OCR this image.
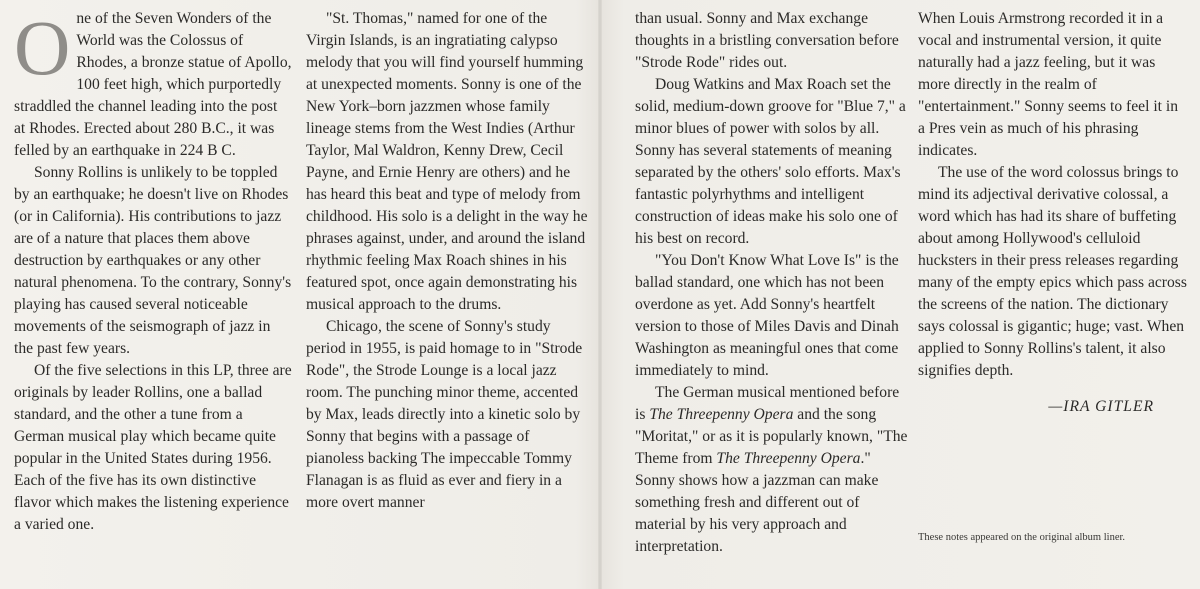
One of the Seven Wonders of the World was the Colossus of Rhodes, a bronze statue of Apollo, 100 feet high, which purportedly straddled the channel leading into the post at Rhodes. Erected about 280 B.C., it was felled by an earthquake in 224 B C.

Sonny Rollins is unlikely to be toppled by an earthquake; he doesn't live on Rhodes (or in California). His contributions to jazz are of a nature that places them above destruction by earthquakes or any other natural phenomena. To the contrary, Sonny's playing has caused several noticeable movements of the seismograph of jazz in the past few years.

Of the five selections in this LP, three are originals by leader Rollins, one a ballad standard, and the other a tune from a German musical play which became quite popular in the United States during 1956. Each of the five has its own distinctive flavor which makes the listening experience a varied one.

"St. Thomas," named for one of the Virgin Islands, is an ingratiating calypso melody that you will find yourself humming at unexpected moments. Sonny is one of the New York–born jazzmen whose family lineage stems from the West Indies (Arthur Taylor, Mal Waldron, Kenny Drew, Cecil Payne, and Ernie Henry are others) and he has heard this beat and type of melody from childhood. His solo is a delight in the way he phrases against, under, and around the island rhythmic feeling Max Roach shines in his featured spot, once again demonstrating his musical approach to the drums.

Chicago, the scene of Sonny's study period in 1955, is paid homage to in "Strode Rode", the Strode Lounge is a local jazz room. The punching minor theme, accented by Max, leads directly into a kinetic solo by Sonny that begins with a passage of pianoless backing The impeccable Tommy Flanagan is as fluid as ever and fiery in a more overt manner

than usual. Sonny and Max exchange thoughts in a bristling conversation before "Strode Rode" rides out.

Doug Watkins and Max Roach set the solid, medium-down groove for "Blue 7," a minor blues of power with solos by all. Sonny has several statements of meaning separated by the others' solo efforts. Max's fantastic polyrhythms and intelligent construction of ideas make his solo one of his best on record.

"You Don't Know What Love Is" is the ballad standard, one which has not been overdone as yet. Add Sonny's heartfelt version to those of Miles Davis and Dinah Washington as meaningful ones that come immediately to mind.

The German musical mentioned before is The Threepenny Opera and the song "Moritat," or as it is popularly known, "The Theme from The Threepenny Opera." Sonny shows how a jazzman can make something fresh and different out of material by his very approach and interpretation.

When Louis Armstrong recorded it in a vocal and instrumental version, it quite naturally had a jazz feeling, but it was more directly in the realm of "entertainment." Sonny seems to feel it in a Pres vein as much of his phrasing indicates.

The use of the word colossus brings to mind its adjectival derivative colossal, a word which has had its share of buffeting about among Hollywood's celluloid hucksters in their press releases regarding many of the empty epics which pass across the screens of the nation. The dictionary says colossal is gigantic; huge; vast. When applied to Sonny Rollins's talent, it also signifies depth.

—IRA GITLER
These notes appeared on the original album liner.
